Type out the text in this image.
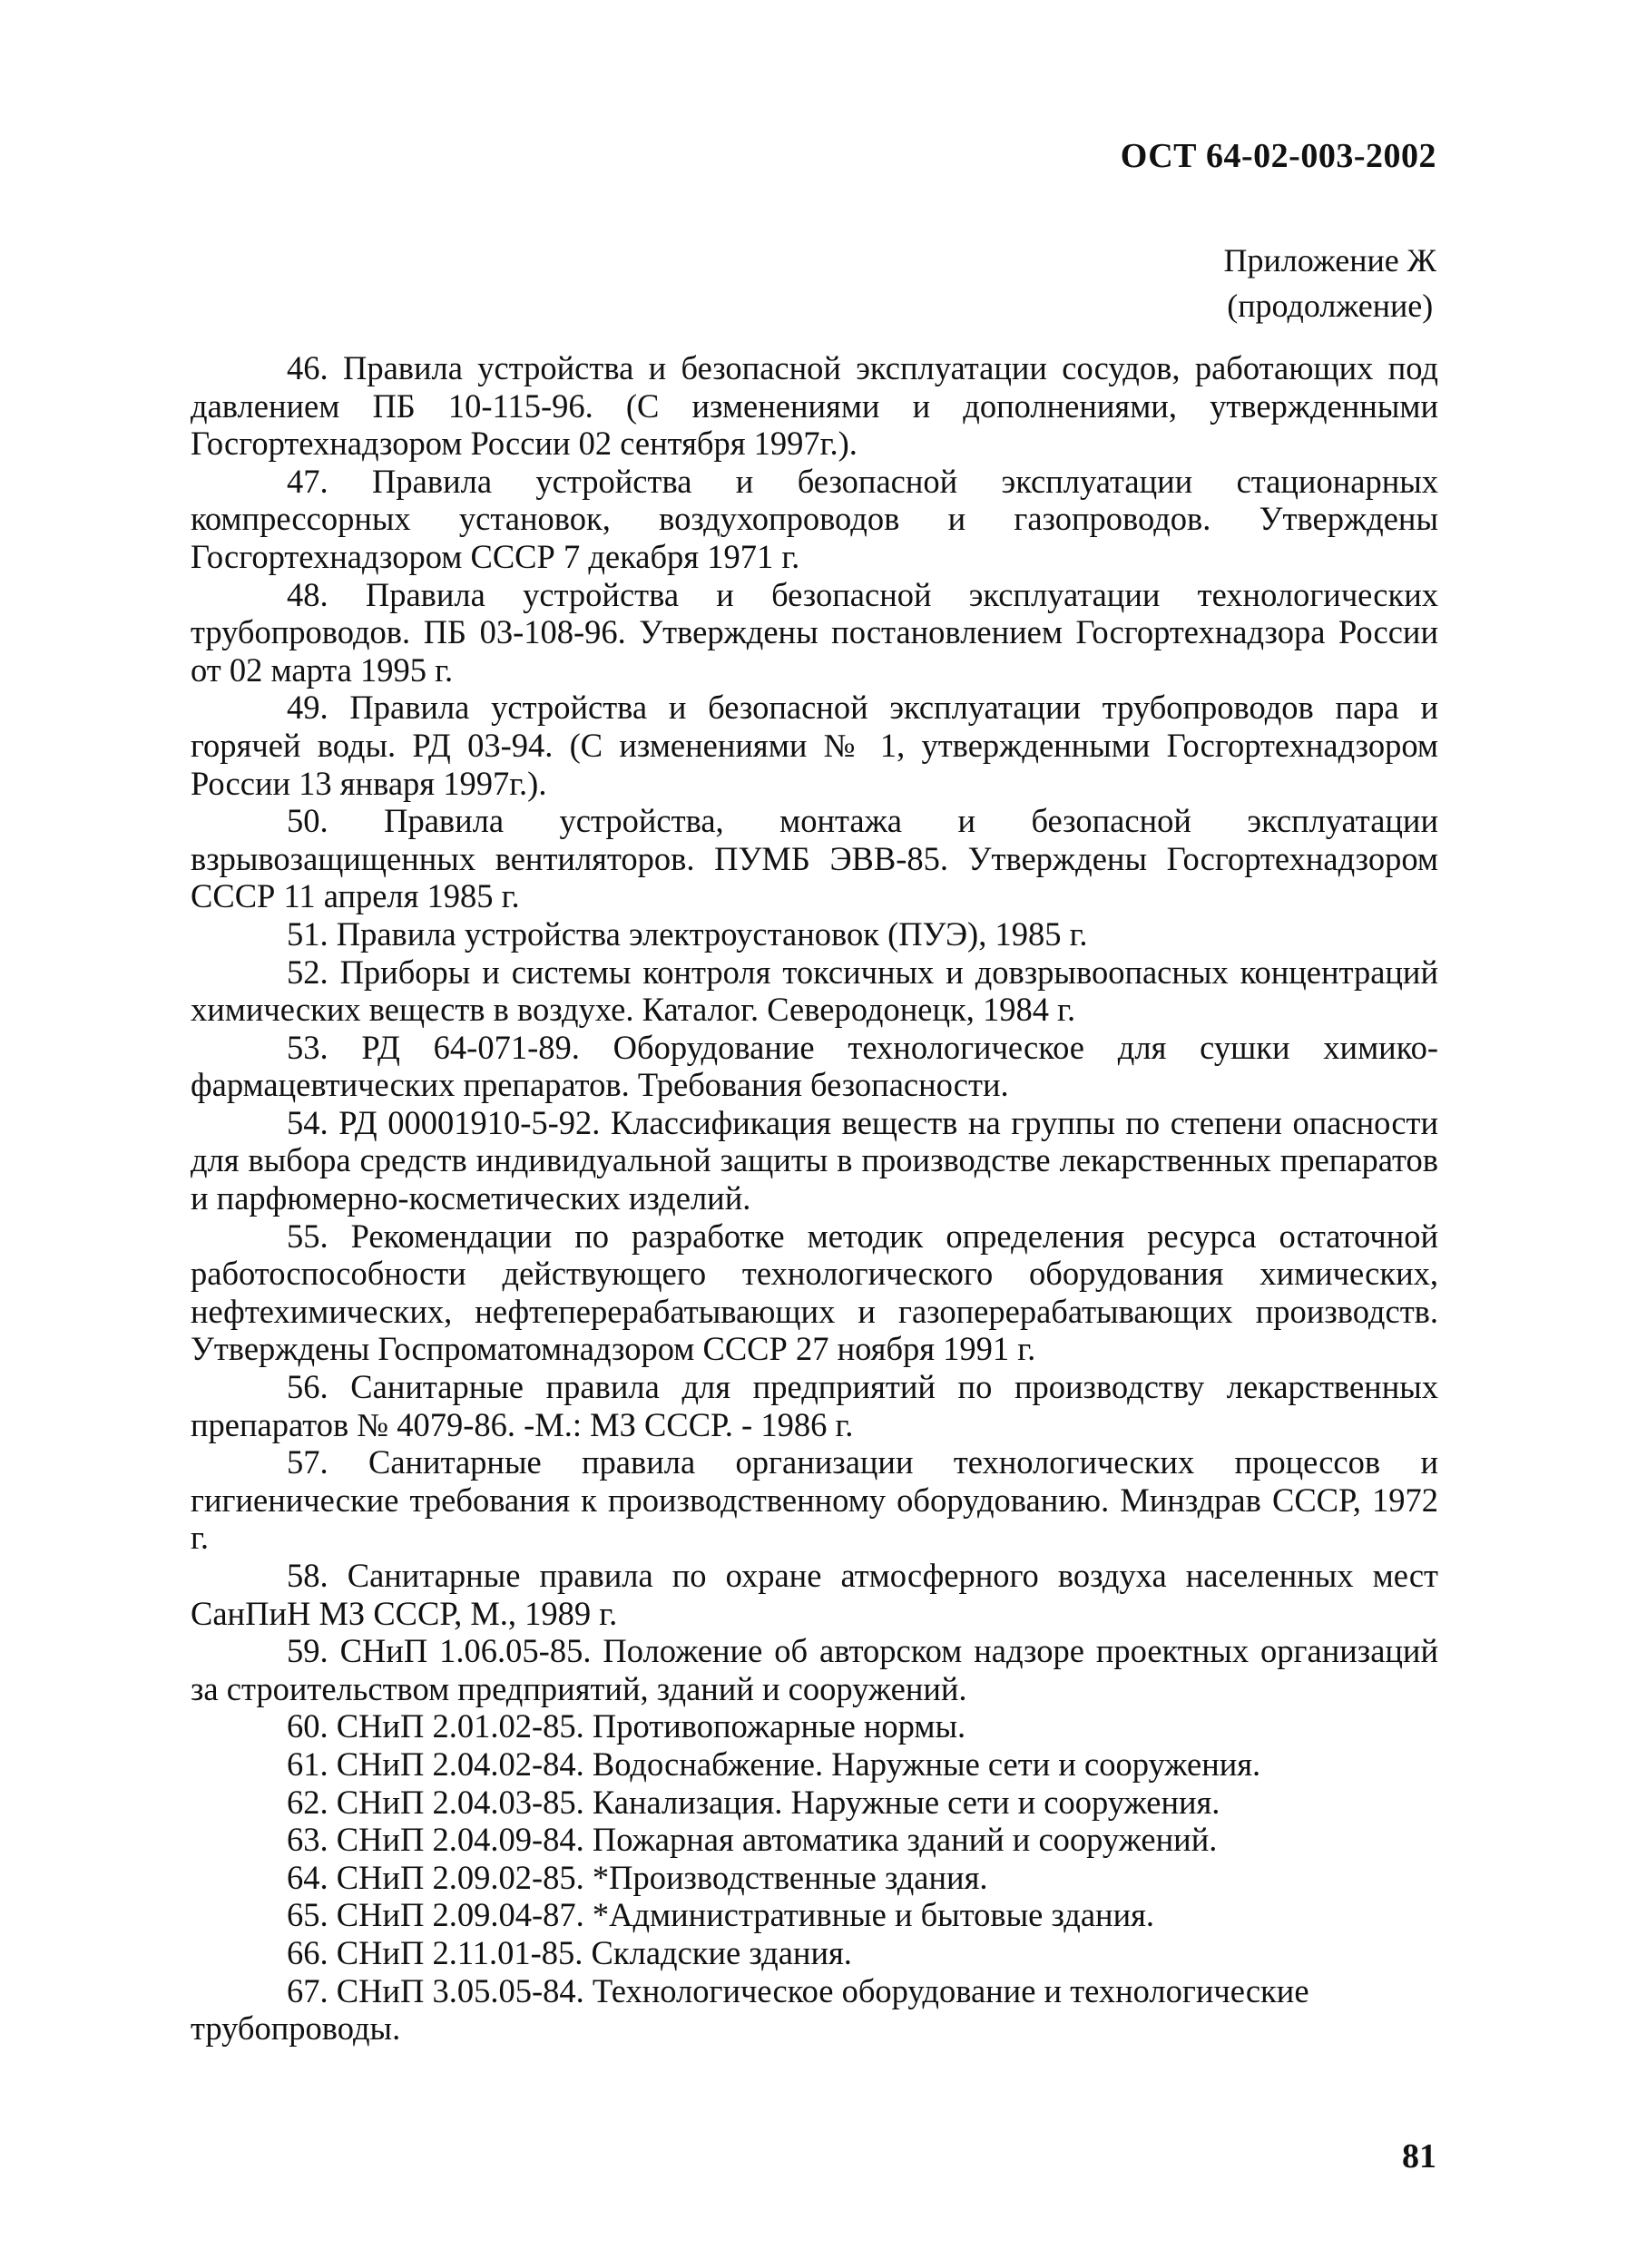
ОСТ 64-02-003-2002
Приложение Ж
(продолжение)
46. Правила устройства и безопасной эксплуатации сосудов, работающих под давлением ПБ 10-115-96. (С изменениями и дополнениями, утвержденными Госгортехнадзором России 02 сентября 1997г.).
47. Правила устройства и безопасной эксплуатации стационарных компрессорных установок, воздухопроводов и газопроводов. Утверждены Госгортехнадзором СССР 7 декабря 1971 г.
48. Правила устройства и безопасной эксплуатации технологических трубопроводов. ПБ 03-108-96. Утверждены постановлением Госгортехнадзора России от 02 марта 1995 г.
49. Правила устройства и безопасной эксплуатации трубопроводов пара и горячей воды. РД 03-94. (С изменениями № 1, утвержденными Госгортехнадзором России 13 января 1997г.).
50. Правила устройства, монтажа и безопасной эксплуатации взрывозащищенных вентиляторов. ПУМБ ЭВВ-85. Утверждены Госгортехнадзором СССР 11 апреля 1985 г.
51. Правила устройства электроустановок (ПУЭ), 1985 г.
52. Приборы и системы контроля токсичных и довзрывоопасных концентраций химических веществ в воздухе. Каталог. Северодонецк, 1984 г.
53. РД 64-071-89. Оборудование технологическое для сушки химико-фармацевтических препаратов. Требования безопасности.
54. РД 00001910-5-92. Классификация веществ на группы по степени опасности для выбора средств индивидуальной защиты в производстве лекарственных препаратов и парфюмерно-косметических изделий.
55. Рекомендации по разработке методик определения ресурса остаточной работоспособности действующего технологического оборудования химических, нефтехимических, нефтеперерабатывающих и газоперерабатывающих производств. Утверждены Госпроматомнадзором СССР 27 ноября 1991 г.
56. Санитарные правила для предприятий по производству лекарственных препаратов № 4079-86. -М.: МЗ СССР. - 1986 г.
57. Санитарные правила организации технологических процессов и гигиенические требования к производственному оборудованию. Минздрав СССР, 1972 г.
58. Санитарные правила по охране атмосферного воздуха населенных мест СанПиН МЗ СССР, М., 1989 г.
59. СНиП 1.06.05-85. Положение об авторском надзоре проектных организаций за строительством предприятий, зданий и сооружений.
60. СНиП 2.01.02-85. Противопожарные нормы.
61. СНиП 2.04.02-84. Водоснабжение. Наружные сети и сооружения.
62. СНиП 2.04.03-85. Канализация. Наружные сети и сооружения.
63. СНиП 2.04.09-84. Пожарная автоматика зданий и сооружений.
64. СНиП 2.09.02-85. *Производственные здания.
65. СНиП 2.09.04-87. *Административные и бытовые здания.
66. СНиП 2.11.01-85. Складские здания.
67. СНиП 3.05.05-84. Технологическое оборудование и технологические трубопроводы.
81
